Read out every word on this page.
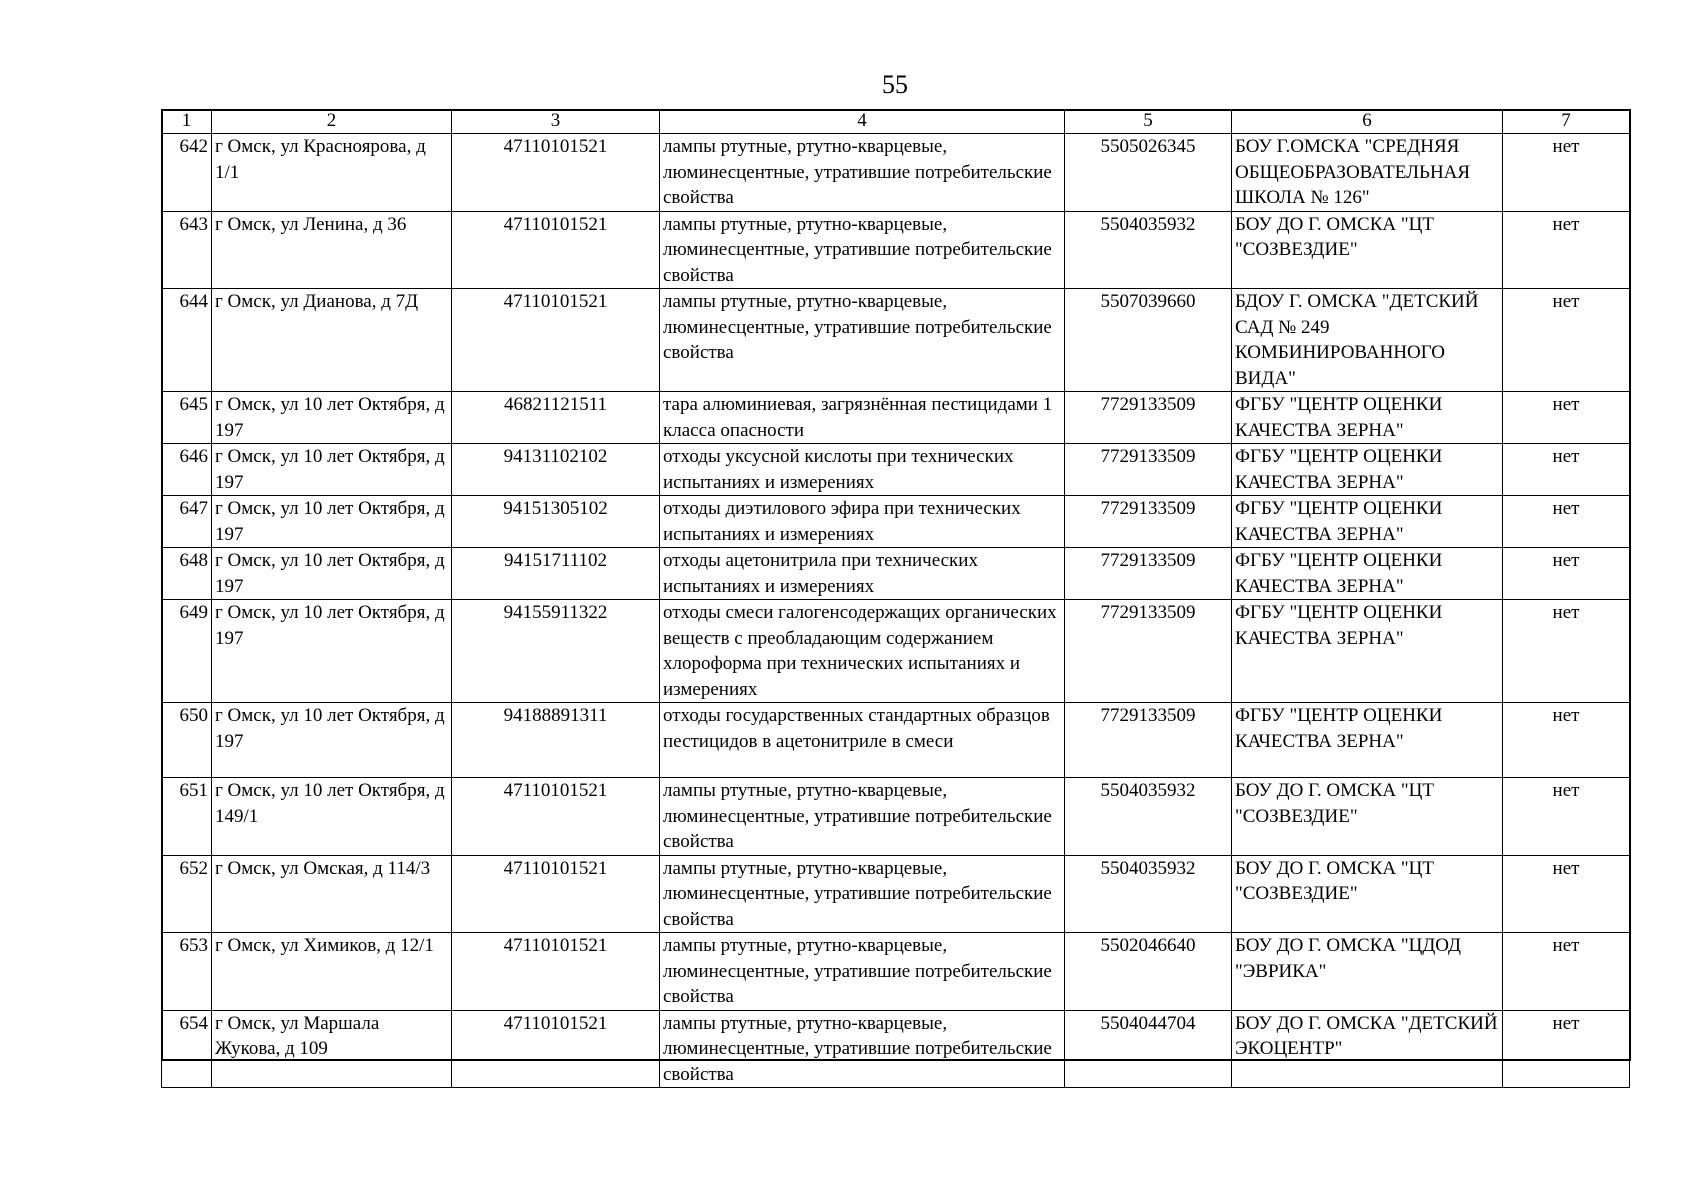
55
1	2	3	4	5	6	7
642	г Омск, ул Красноярова, д 1/1	47110101521	лампы ртутные, ртутно-кварцевые, люминесцентные, утратившие потребительские свойства	5505026345	БОУ Г.ОМСКА "СРЕДНЯЯ ОБЩЕОБРАЗОВАТЕЛЬНАЯ ШКОЛА № 126"	нет
643	г Омск, ул Ленина, д 36	47110101521	лампы ртутные, ртутно-кварцевые, люминесцентные, утратившие потребительские свойства	5504035932	БОУ ДО Г. ОМСКА "ЦТ "СОЗВЕЗДИЕ"	нет
644	г Омск, ул Дианова, д 7Д	47110101521	лампы ртутные, ртутно-кварцевые, люминесцентные, утратившие потребительские свойства	5507039660	БДОУ Г. ОМСКА "ДЕТСКИЙ САД № 249 КОМБИНИРОВАННОГО ВИДА"	нет
645	г Омск, ул 10 лет Октября, д 197	46821121511	тара алюминиевая, загрязнённая пестицидами 1 класса опасности	7729133509	ФГБУ "ЦЕНТР ОЦЕНКИ КАЧЕСТВА ЗЕРНА"	нет
646	г Омск, ул 10 лет Октября, д 197	94131102102	отходы уксусной кислоты при технических испытаниях и измерениях	7729133509	ФГБУ "ЦЕНТР ОЦЕНКИ КАЧЕСТВА ЗЕРНА"	нет
647	г Омск, ул 10 лет Октября, д 197	94151305102	отходы диэтилового эфира при технических испытаниях и измерениях	7729133509	ФГБУ "ЦЕНТР ОЦЕНКИ КАЧЕСТВА ЗЕРНА"	нет
648	г Омск, ул 10 лет Октября, д 197	94151711102	отходы ацетонитрила при технических испытаниях и измерениях	7729133509	ФГБУ "ЦЕНТР ОЦЕНКИ КАЧЕСТВА ЗЕРНА"	нет
649	г Омск, ул 10 лет Октября, д 197	94155911322	отходы смеси галогенсодержащих органических веществ с преобладающим содержанием хлороформа при технических испытаниях и измерениях	7729133509	ФГБУ "ЦЕНТР ОЦЕНКИ КАЧЕСТВА ЗЕРНА"	нет
650	г Омск, ул 10 лет Октября, д 197	94188891311	отходы государственных стандартных образцов пестицидов в ацетонитриле в смеси	7729133509	ФГБУ "ЦЕНТР ОЦЕНКИ КАЧЕСТВА ЗЕРНА"	нет
651	г Омск, ул 10 лет Октября, д 149/1	47110101521	лампы ртутные, ртутно-кварцевые, люминесцентные, утратившие потребительские свойства	5504035932	БОУ ДО Г. ОМСКА "ЦТ "СОЗВЕЗДИЕ"	нет
652	г Омск, ул Омская, д 114/3	47110101521	лампы ртутные, ртутно-кварцевые, люминесцентные, утратившие потребительские свойства	5504035932	БОУ ДО Г. ОМСКА "ЦТ "СОЗВЕЗДИЕ"	нет
653	г Омск, ул Химиков, д 12/1	47110101521	лампы ртутные, ртутно-кварцевые, люминесцентные, утратившие потребительские свойства	5502046640	БОУ ДО Г. ОМСКА "ЦДОД "ЭВРИКА"	нет
654	г Омск, ул Маршала Жукова, д 109	47110101521	лампы ртутные, ртутно-кварцевые, люминесцентные, утратившие потребительские свойства	5504044704	БОУ ДО Г. ОМСКА "ДЕТСКИЙ ЭКОЦЕНТР"	нет
